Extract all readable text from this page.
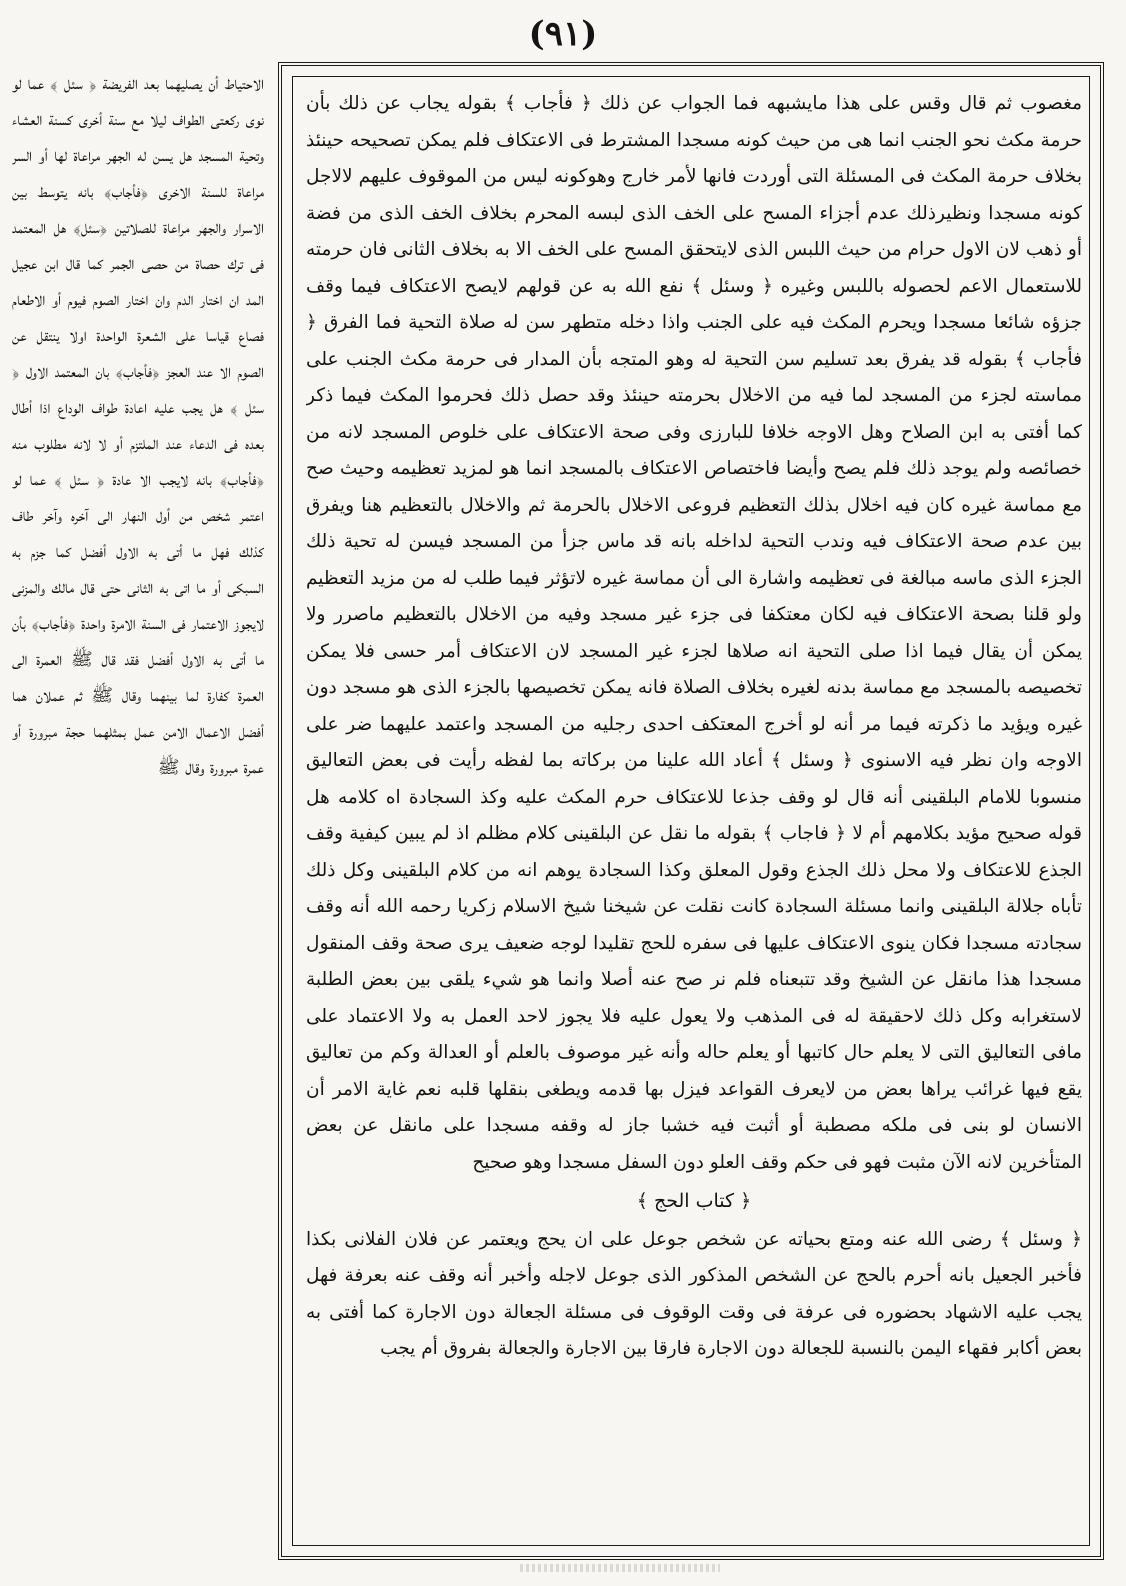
(٩١)

الاحتياط أن يصليهما بعد الفريضة ﴿ سئل ﴾ عما لو نوى ركعتى الطواف ليلا مع سنة أخرى كسنة العشاء وتحية المسجد هل يسن له الجهر مراعاة لها أو السر مراعاة للسنة الاخرى ﴿فأجاب﴾ بانه يتوسط بين الاسرار والجهر مراعاة للصلاتين ﴿سئل﴾ هل المعتمد فى ترك حصاة من حصى الجمر كما قال ابن عجيل المد ان اختار الدم وان اختار الصوم فيوم أو الاطعام فصاع قياسا على الشعرة الواحدة اولا ينتقل عن الصوم الا عند العجز ﴿فأجاب﴾ بان المعتمد الاول ﴿ سئل ﴾ هل يجب عليه اعادة طواف الوداع اذا أطال بعده فى الدعاء عند الملتزم أو لا لانه مطلوب منه ﴿فأجاب﴾ بانه لايجب الا عادة ﴿ سئل ﴾ عما لو اعتمر شخص من أول النهار الى آخره وآخر طاف كذلك فهل ما أتى به الاول أفضل كما جزم به السبكى أو ما اتى به الثانى حتى قال مالك والمزنى لايجوز الاعتمار فى السنة الامرة واحدة ﴿فأجاب﴾ بأن ما أتى به الاول أفضل فقد قال ﷺ العمرة الى العمرة كفارة لما بينهما وقال ﷺ ثم عملان هما أفضل الاعمال الامن عمل بمثلهما حجة مبرورة أو عمرة مبرورة وقال ﷺ

مغصوب ثم قال وقس على هذا مايشبهه فما الجواب عن ذلك ﴿ فأجاب ﴾ بقوله يجاب عن ذلك بأن حرمة مكث نحو الجنب انما هى من حيث كونه مسجدا المشترط فى الاعتكاف فلم يمكن تصحيحه حينئذ بخلاف حرمة المكث فى المسئلة التى أوردت فانها لأمر خارج وهوكونه ليس من الموقوف عليهم لالاجل كونه مسجدا ونظيرذلك عدم أجزاء المسح على الخف الذى لبسه المحرم بخلاف الخف الذى من فضة أو ذهب لان الاول حرام من حيث اللبس الذى لايتحقق المسح على الخف الا به بخلاف الثانى فان حرمته للاستعمال الاعم لحصوله باللبس وغيره ﴿ وسئل ﴾ نفع الله به عن قولهم لايصح الاعتكاف فيما وقف جزؤه شائعا مسجدا ويحرم المكث فيه على الجنب واذا دخله متطهر سن له صلاة التحية فما الفرق ﴿ فأجاب ﴾ بقوله قد يفرق بعد تسليم سن التحية له وهو المتجه بأن المدار فى حرمة مكث الجنب على مماسته لجزء من المسجد لما فيه من الاخلال بحرمته حينئذ وقد حصل ذلك فحرموا المكث فيما ذكر كما أفتى به ابن الصلاح وهل الاوجه خلافا للبارزى وفى صحة الاعتكاف على خلوص المسجد لانه من خصائصه ولم يوجد ذلك فلم يصح وأيضا فاختصاص الاعتكاف بالمسجد انما هو لمزيد تعظيمه وحيث صح مع مماسة غيره كان فيه اخلال بذلك التعظيم فروعى الاخلال بالحرمة ثم والاخلال بالتعظيم هنا ويفرق بين عدم صحة الاعتكاف فيه وندب التحية لداخله بانه قد ماس جزأ من المسجد فيسن له تحية ذلك الجزء الذى ماسه مبالغة فى تعظيمه واشارة الى أن مماسة غيره لاتؤثر فيما طلب له من مزيد التعظيم ولو قلنا بصحة الاعتكاف فيه لكان معتكفا فى جزء غير مسجد وفيه من الاخلال بالتعظيم ماصرر ولا يمكن أن يقال فيما اذا صلى التحية انه صلاها لجزء غير المسجد لان الاعتكاف أمر حسى فلا يمكن تخصيصه بالمسجد مع مماسة بدنه لغيره بخلاف الصلاة فانه يمكن تخصيصها بالجزء الذى هو مسجد دون غيره ويؤيد ما ذكرته فيما مر أنه لو أخرج المعتكف احدى رجليه من المسجد واعتمد عليهما ضر على الاوجه وان نظر فيه الاسنوى ﴿ وسئل ﴾ أعاد الله علينا من بركاته بما لفظه رأيت فى بعض التعاليق منسوبا للامام البلقينى أنه قال لو وقف جذعا للاعتكاف حرم المكث عليه وكذ السجادة اه كلامه هل قوله صحيح مؤيد بكلامهم أم لا ﴿ فاجاب ﴾ بقوله ما نقل عن البلقينى كلام مظلم اذ لم يبين كيفية وقف الجذع للاعتكاف ولا محل ذلك الجذع وقول المعلق وكذا السجادة يوهم انه من كلام البلقينى وكل ذلك تأباه جلالة البلقينى وانما مسئلة السجادة كانت نقلت عن شيخنا شيخ الاسلام زكريا رحمه الله أنه وقف سجادته مسجدا فكان ينوى الاعتكاف عليها فى سفره للحج تقليدا لوجه ضعيف يرى صحة وقف المنقول مسجدا هذا مانقل عن الشيخ وقد تتبعناه فلم نر صح عنه أصلا وانما هو شيء يلقى بين بعض الطلبة لاستغرابه وكل ذلك لاحقيقة له فى المذهب ولا يعول عليه فلا يجوز لاحد العمل به ولا الاعتماد على مافى التعاليق التى لا يعلم حال كاتبها أو يعلم حاله وأنه غير موصوف بالعلم أو العدالة وكم من تعاليق يقع فيها غرائب يراها بعض من لايعرف القواعد فيزل بها قدمه ويطغى بنقلها قلبه نعم غاية الامر أن الانسان لو بنى فى ملكه مصطبة أو أثبت فيه خشبا جاز له وقفه مسجدا على مانقل عن بعض المتأخرين لانه الآن مثبت فهو فى حكم وقف العلو دون السفل مسجدا وهو صحيح

﴿ كتاب الحج ﴾

﴿ وسئل ﴾ رضى الله عنه ومتع بحياته عن شخص جوعل على ان يحج ويعتمر عن فلان الفلانى بكذا فأخبر الجعيل بانه أحرم بالحج عن الشخص المذكور الذى جوعل لاجله وأخبر أنه وقف عنه بعرفة فهل يجب عليه الاشهاد بحضوره فى عرفة فى وقت الوقوف فى مسئلة الجعالة دون الاجارة كما أفتى به بعض أكابر فقهاء اليمن بالنسبة للجعالة دون الاجارة فارقا بين الاجارة والجعالة بفروق أم يجب
